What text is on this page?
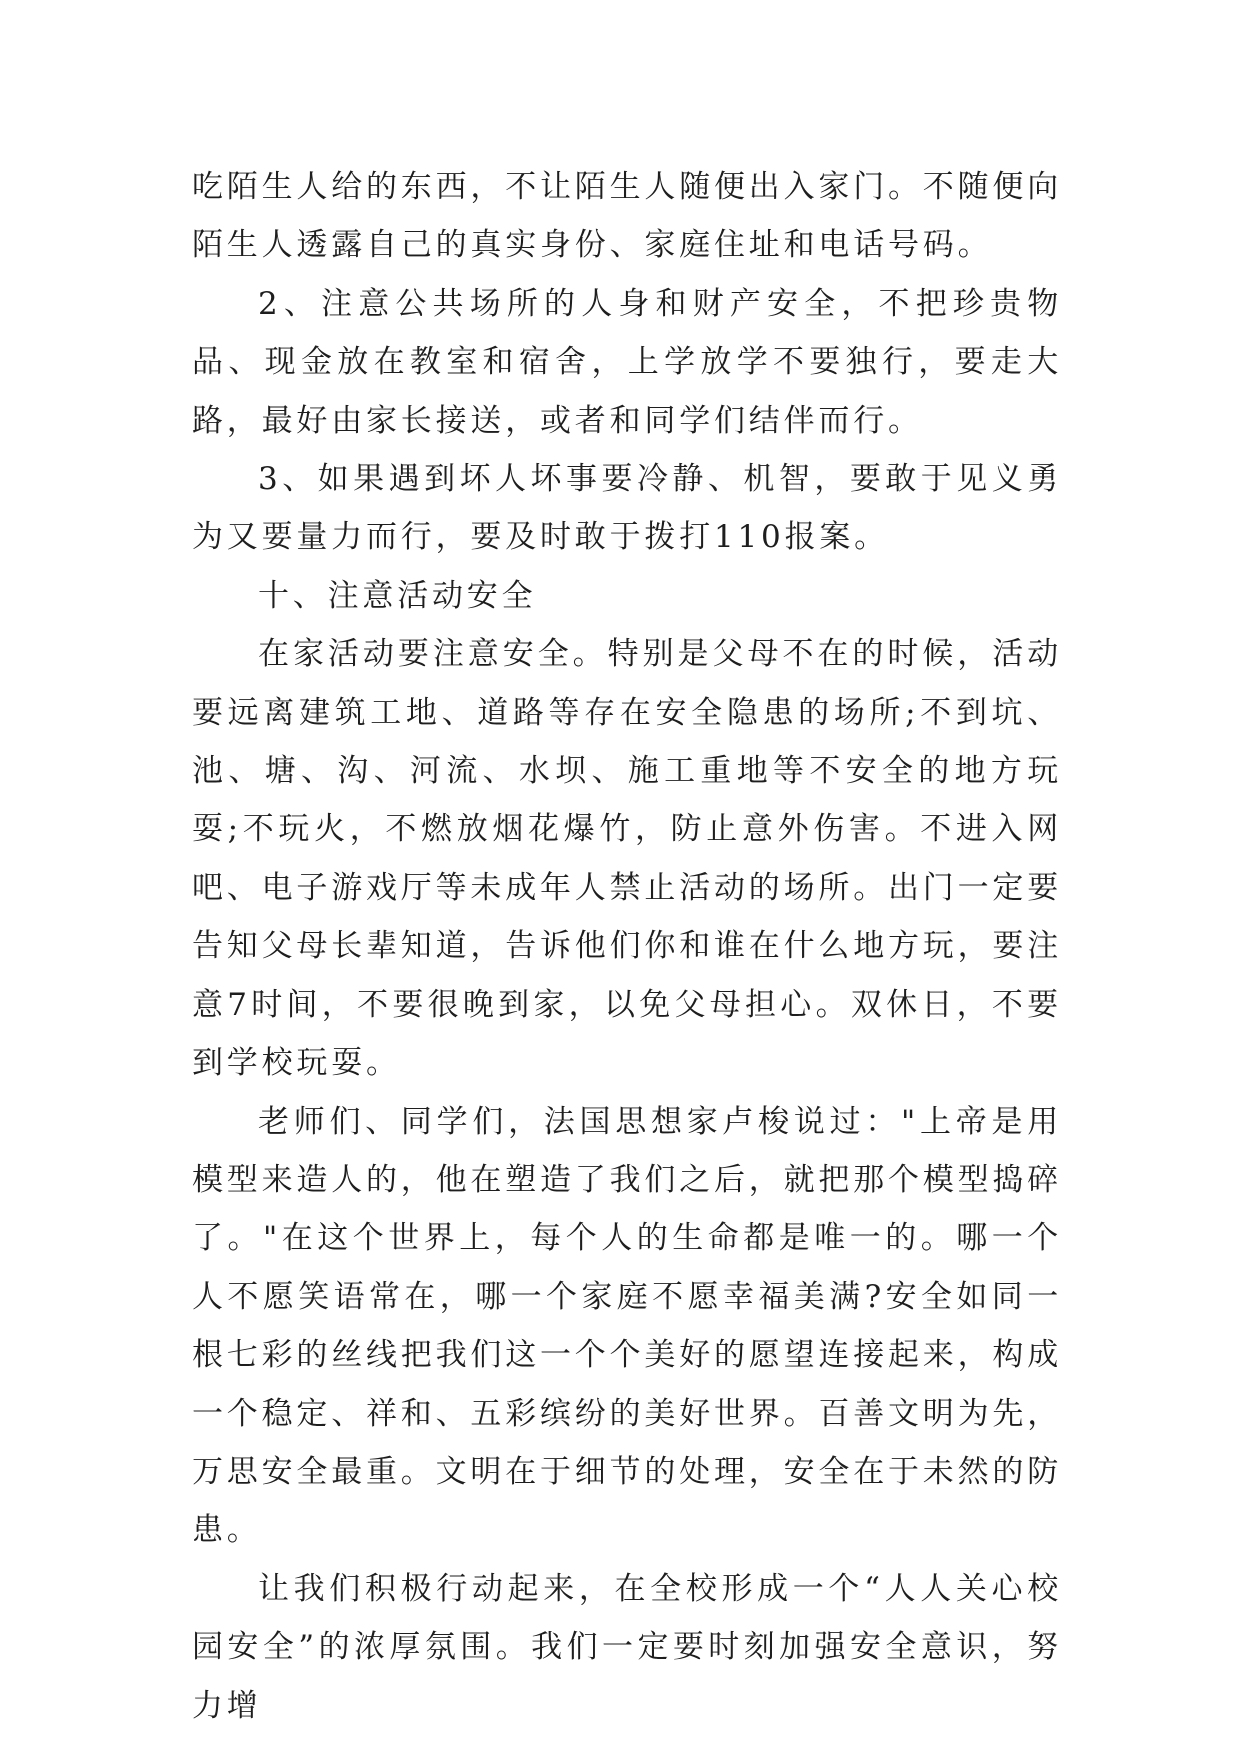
吃陌生人给的东西，不让陌生人随便出入家门。不随便向陌生人透露自己的真实身份、家庭住址和电话号码。

2、注意公共场所的人身和财产安全，不把珍贵物品、现金放在教室和宿舍，上学放学不要独行，要走大路，最好由家长接送，或者和同学们结伴而行。

3、如果遇到坏人坏事要冷静、机智，要敢于见义勇为又要量力而行，要及时敢于拨打110报案。

十、注意活动安全

在家活动要注意安全。特别是父母不在的时候，活动要远离建筑工地、道路等存在安全隐患的场所;不到坑、池、塘、沟、河流、水坝、施工重地等不安全的地方玩耍;不玩火，不燃放烟花爆竹，防止意外伤害。不进入网吧、电子游戏厅等未成年人禁止活动的场所。出门一定要告知父母长辈知道，告诉他们你和谁在什么地方玩，要注意7时间，不要很晚到家，以免父母担心。双休日，不要到学校玩耍。

老师们、同学们，法国思想家卢梭说过："上帝是用模型来造人的，他在塑造了我们之后，就把那个模型捣碎了。"在这个世界上，每个人的生命都是唯一的。哪一个人不愿笑语常在，哪一个家庭不愿幸福美满?安全如同一根七彩的丝线把我们这一个个美好的愿望连接起来，构成一个稳定、祥和、五彩缤纷的美好世界。百善文明为先，万思安全最重。文明在于细节的处理，安全在于未然的防患。

让我们积极行动起来，在全校形成一个“人人关心校园安全”的浓厚氛围。我们一定要时刻加强安全意识，努力增
